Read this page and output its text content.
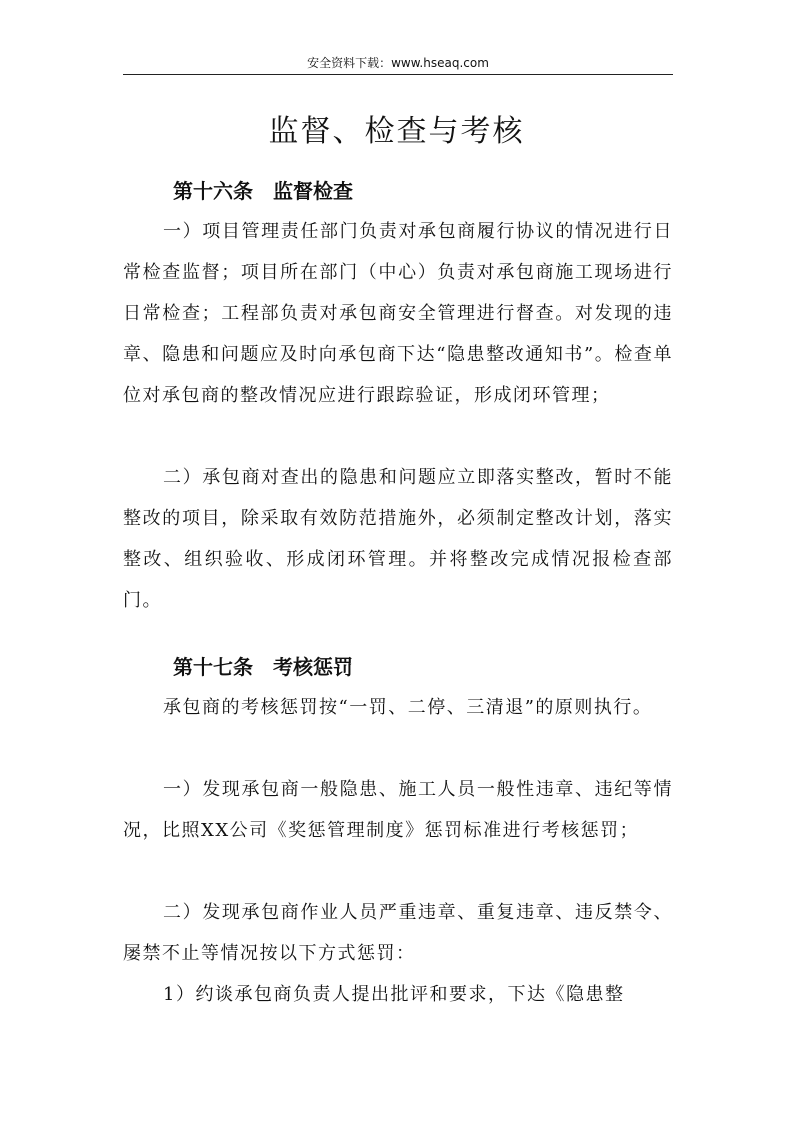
安全资料下载：www.hseaq.com
监督、检查与考核
第十六条　监督检查

一）项目管理责任部门负责对承包商履行协议的情况进行日常检查监督；项目所在部门（中心）负责对承包商施工现场进行日常检查；工程部负责对承包商安全管理进行督查。对发现的违章、隐患和问题应及时向承包商下达“隐患整改通知书”。检查单位对承包商的整改情况应进行跟踪验证，形成闭环管理；

二）承包商对查出的隐患和问题应立即落实整改，暂时不能整改的项目，除采取有效防范措施外，必须制定整改计划，落实整改、组织验收、形成闭环管理。并将整改完成情况报检查部门。

第十七条　考核惩罚

承包商的考核惩罚按“一罚、二停、三清退”的原则执行。

一）发现承包商一般隐患、施工人员一般性违章、违纪等情况，比照XX公司《奖惩管理制度》惩罚标准进行考核惩罚；

二）发现承包商作业人员严重违章、重复违章、违反禁令、屡禁不止等情况按以下方式惩罚：

1）约谈承包商负责人提出批评和要求，下达《隐患整
